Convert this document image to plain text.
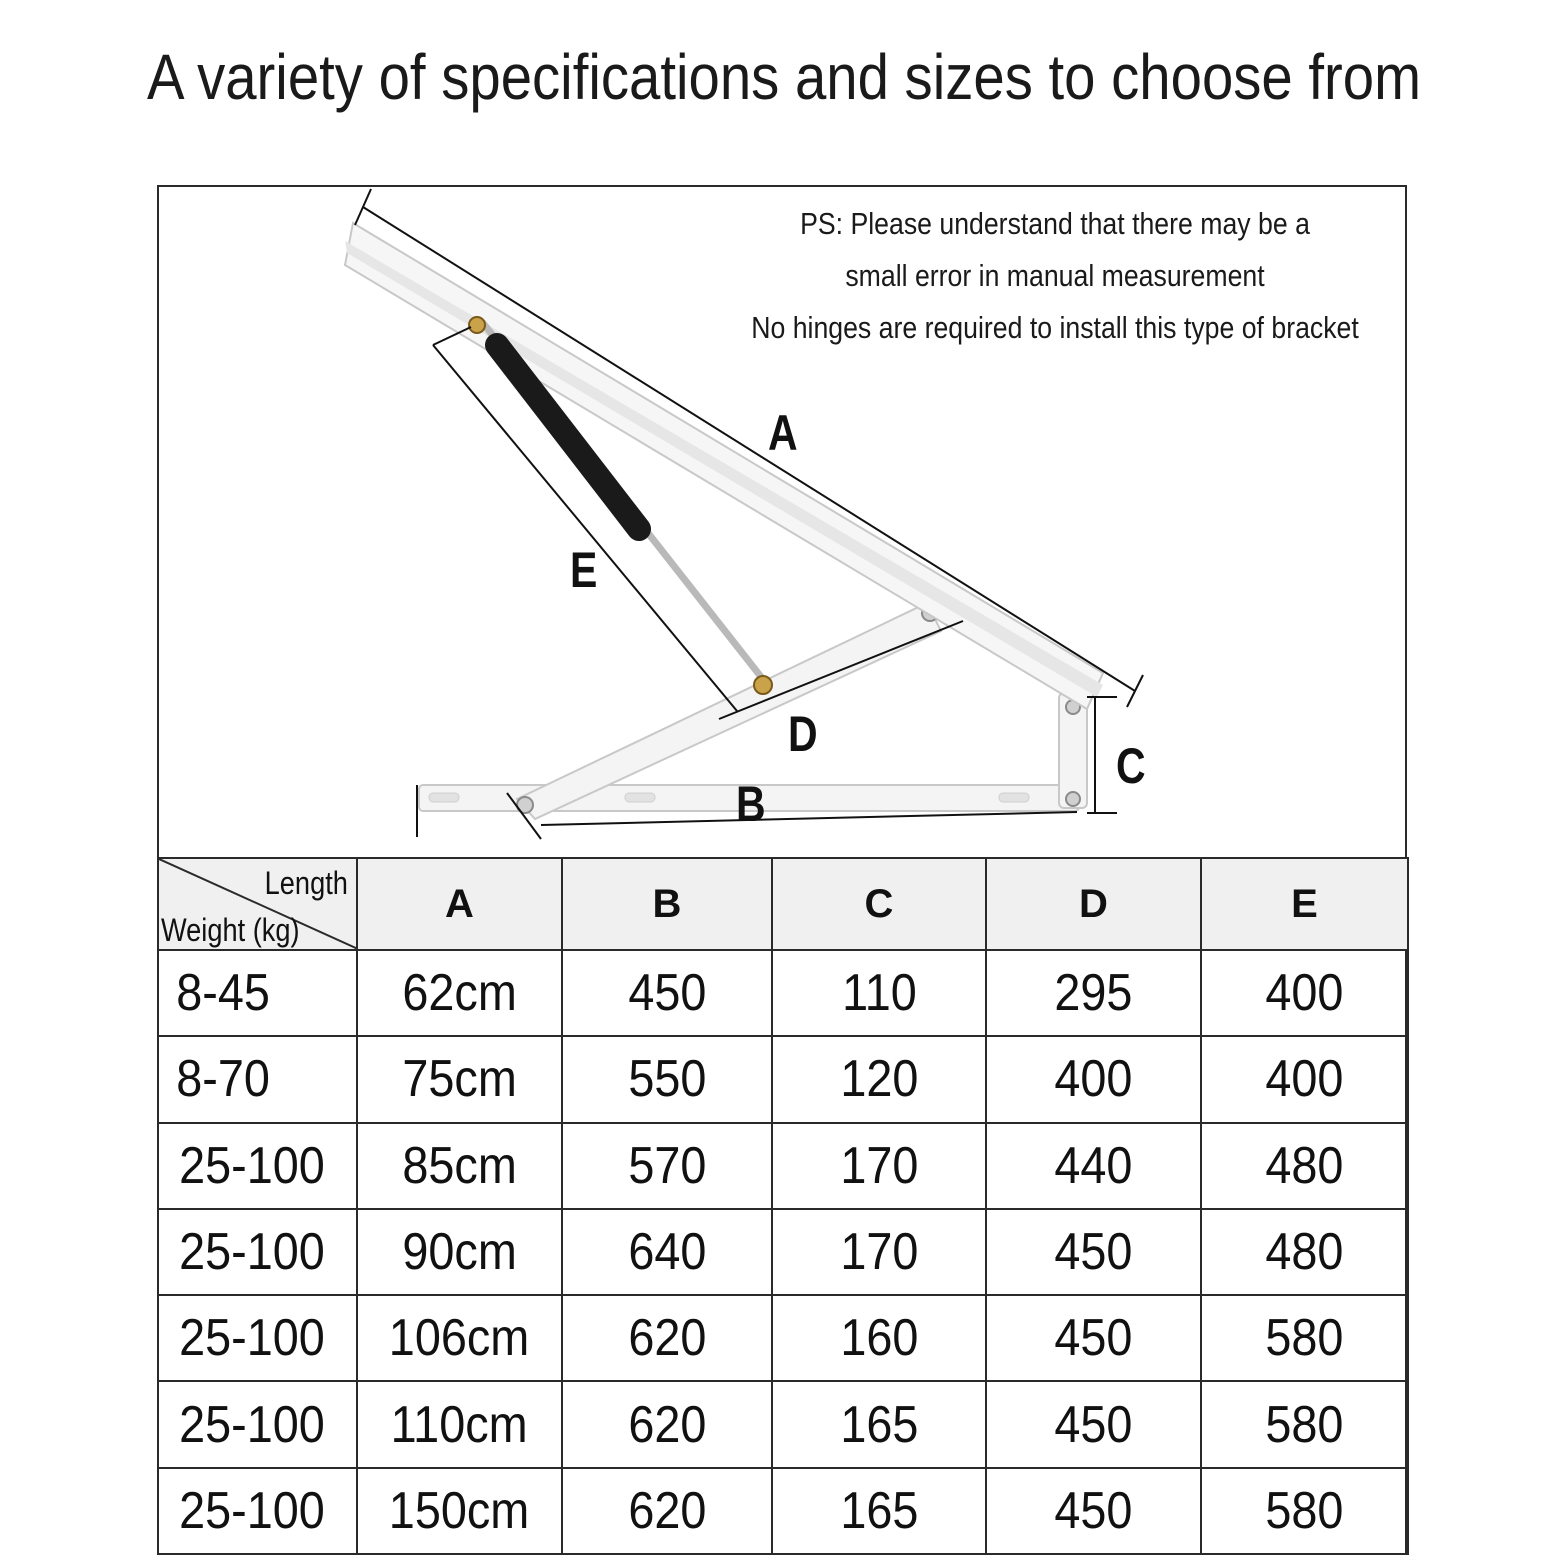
A variety of specifications and sizes to choose from
PS: Please understand that there may be a
small error in manual measurement
No hinges are required to install this type of bracket
A
B
C
D
E
Length
Weight (kg)	A	B	C	D	E
8-45	62cm	450	110	295	400
8-70	75cm	550	120	400	400
25-100	85cm	570	170	440	480
25-100	90cm	640	170	450	480
25-100	106cm	620	160	450	580
25-100	110cm	620	165	450	580
25-100	150cm	620	165	450	580
